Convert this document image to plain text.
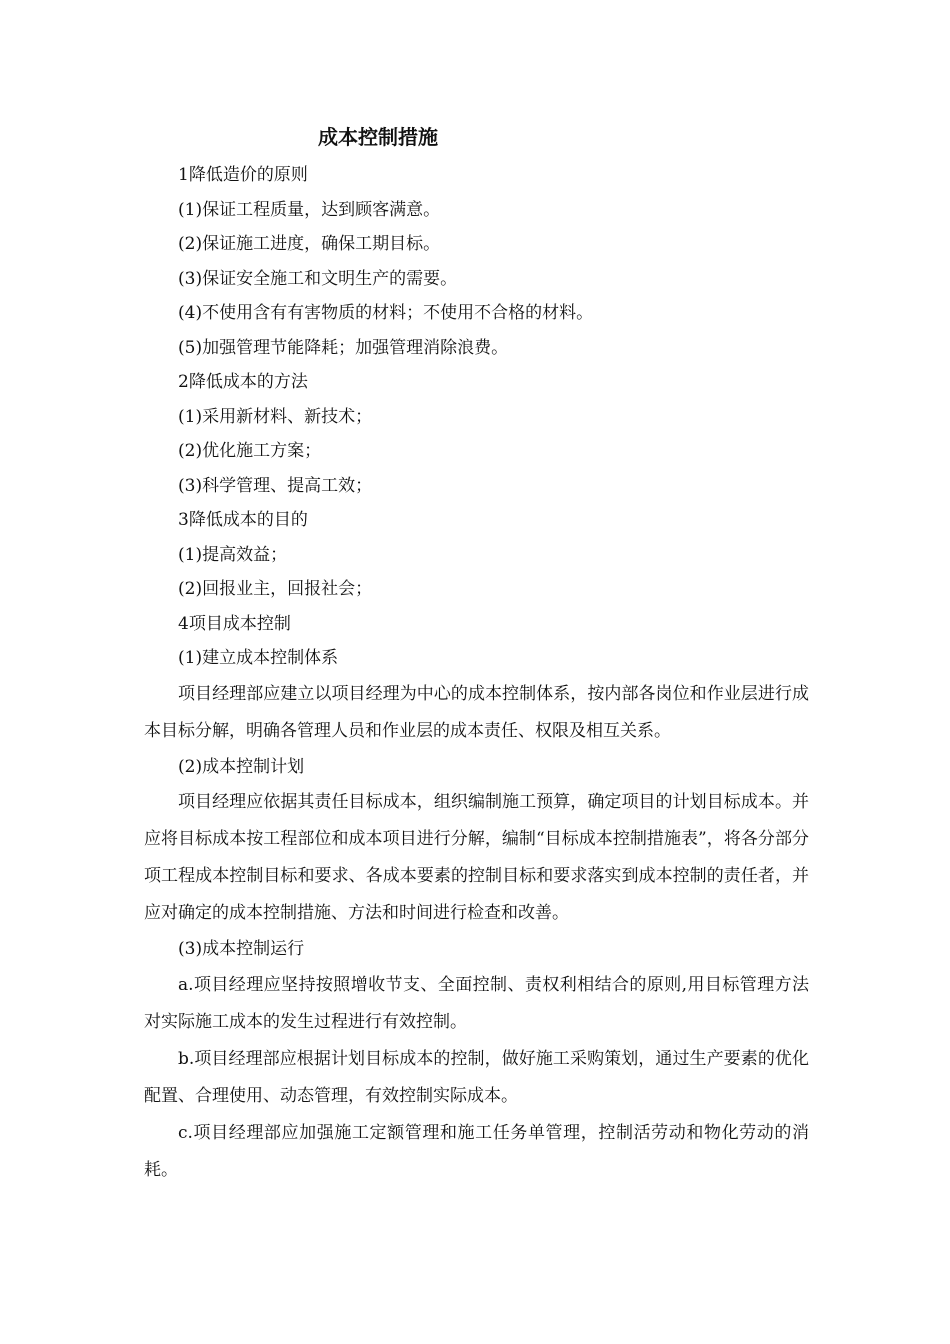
成本控制措施
1降低造价的原则
(1)保证工程质量，达到顾客满意。
(2)保证施工进度，确保工期目标。
(3)保证安全施工和文明生产的需要。
(4)不使用含有有害物质的材料；不使用不合格的材料。
(5)加强管理节能降耗；加强管理消除浪费。
2降低成本的方法
(1)采用新材料、新技术；
(2)优化施工方案；
(3)科学管理、提高工效；
3降低成本的目的
(1)提高效益；
(2)回报业主，回报社会；
4项目成本控制
(1)建立成本控制体系

项目经理部应建立以项目经理为中心的成本控制体系，按内部各岗位和作业层进行成本目标分解，明确各管理人员和作业层的成本责任、权限及相互关系。

(2)成本控制计划

项目经理应依据其责任目标成本，组织编制施工预算，确定项目的计划目标成本。并应将目标成本按工程部位和成本项目进行分解，编制“目标成本控制措施表”，将各分部分项工程成本控制目标和要求、各成本要素的控制目标和要求落实到成本控制的责任者，并应对确定的成本控制措施、方法和时间进行检查和改善。

(3)成本控制运行

a.项目经理应坚持按照增收节支、全面控制、责权利相结合的原则,用目标管理方法对实际施工成本的发生过程进行有效控制。

b.项目经理部应根据计划目标成本的控制，做好施工采购策划，通过生产要素的优化配置、合理使用、动态管理，有效控制实际成本。

c.项目经理部应加强施工定额管理和施工任务单管理，控制活劳动和物化劳动的消耗。
